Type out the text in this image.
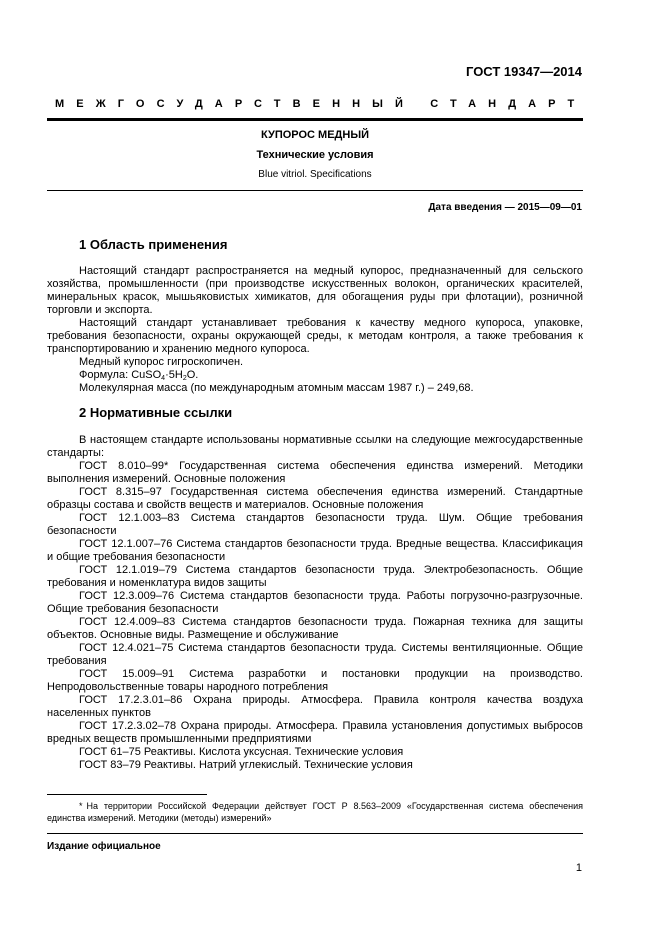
ГОСТ 19347—2014
МЕЖГОСУДАРСТВЕННЫЙ СТАНДАРТ
КУПОРОС МЕДНЫЙ
Технические условия
Blue vitriol. Specifications
Дата введения — 2015—09—01
1 Область применения

Настоящий стандарт распространяется на медный купорос, предназначенный для сельского хозяйства, промышленности (при производстве искусственных волокон, органических красителей, минеральных красок, мышьяковистых химикатов, для обогащения руды при флотации), розничной торговли и экспорта.

Настоящий стандарт устанавливает требования к качеству медного купороса, упаковке, требования безопасности, охраны окружающей среды, к методам контроля, а также требования к транспортированию и хранению медного купороса.

Медный купорос гигроскопичен.

Формула: $CuSO_4\cdot 5H_2O$.

Молекулярная масса (по международным атомным массам 1987 г.) – 249,68.

2 Нормативные ссылки

В настоящем стандарте использованы нормативные ссылки на следующие межгосударственные стандарты:

ГОСТ 8.010–99* Государственная система обеспечения единства измерений. Методики выполнения измерений. Основные положения

ГОСТ 8.315–97 Государственная система обеспечения единства измерений. Стандартные образцы состава и свойств веществ и материалов. Основные положения

ГОСТ 12.1.003–83 Система стандартов безопасности труда. Шум. Общие требования безопасности

ГОСТ 12.1.007–76 Система стандартов безопасности труда. Вредные вещества. Классификация и общие требования безопасности

ГОСТ 12.1.019–79 Система стандартов безопасности труда. Электробезопасность. Общие требования и номенклатура видов защиты

ГОСТ 12.3.009–76 Система стандартов безопасности труда. Работы погрузочно-разгрузочные. Общие требования безопасности

ГОСТ 12.4.009–83 Система стандартов безопасности труда. Пожарная техника для защиты объектов. Основные виды. Размещение и обслуживание

ГОСТ 12.4.021–75 Система стандартов безопасности труда. Системы вентиляционные. Общие требования

ГОСТ 15.009–91 Система разработки и постановки продукции на производство. Непродовольственные товары народного потребления

ГОСТ 17.2.3.01–86 Охрана природы. Атмосфера. Правила контроля качества воздуха населенных пунктов

ГОСТ 17.2.3.02–78 Охрана природы. Атмосфера. Правила установления допустимых выбросов вредных веществ промышленными предприятиями

ГОСТ 61–75 Реактивы. Кислота уксусная. Технические условия

ГОСТ 83–79 Реактивы. Натрий углекислый. Технические условия

* На территории Российской Федерации действует ГОСТ Р 8.563–2009 «Государственная система обеспечения единства измерений. Методики (методы) измерений»

Издание официальное
1
